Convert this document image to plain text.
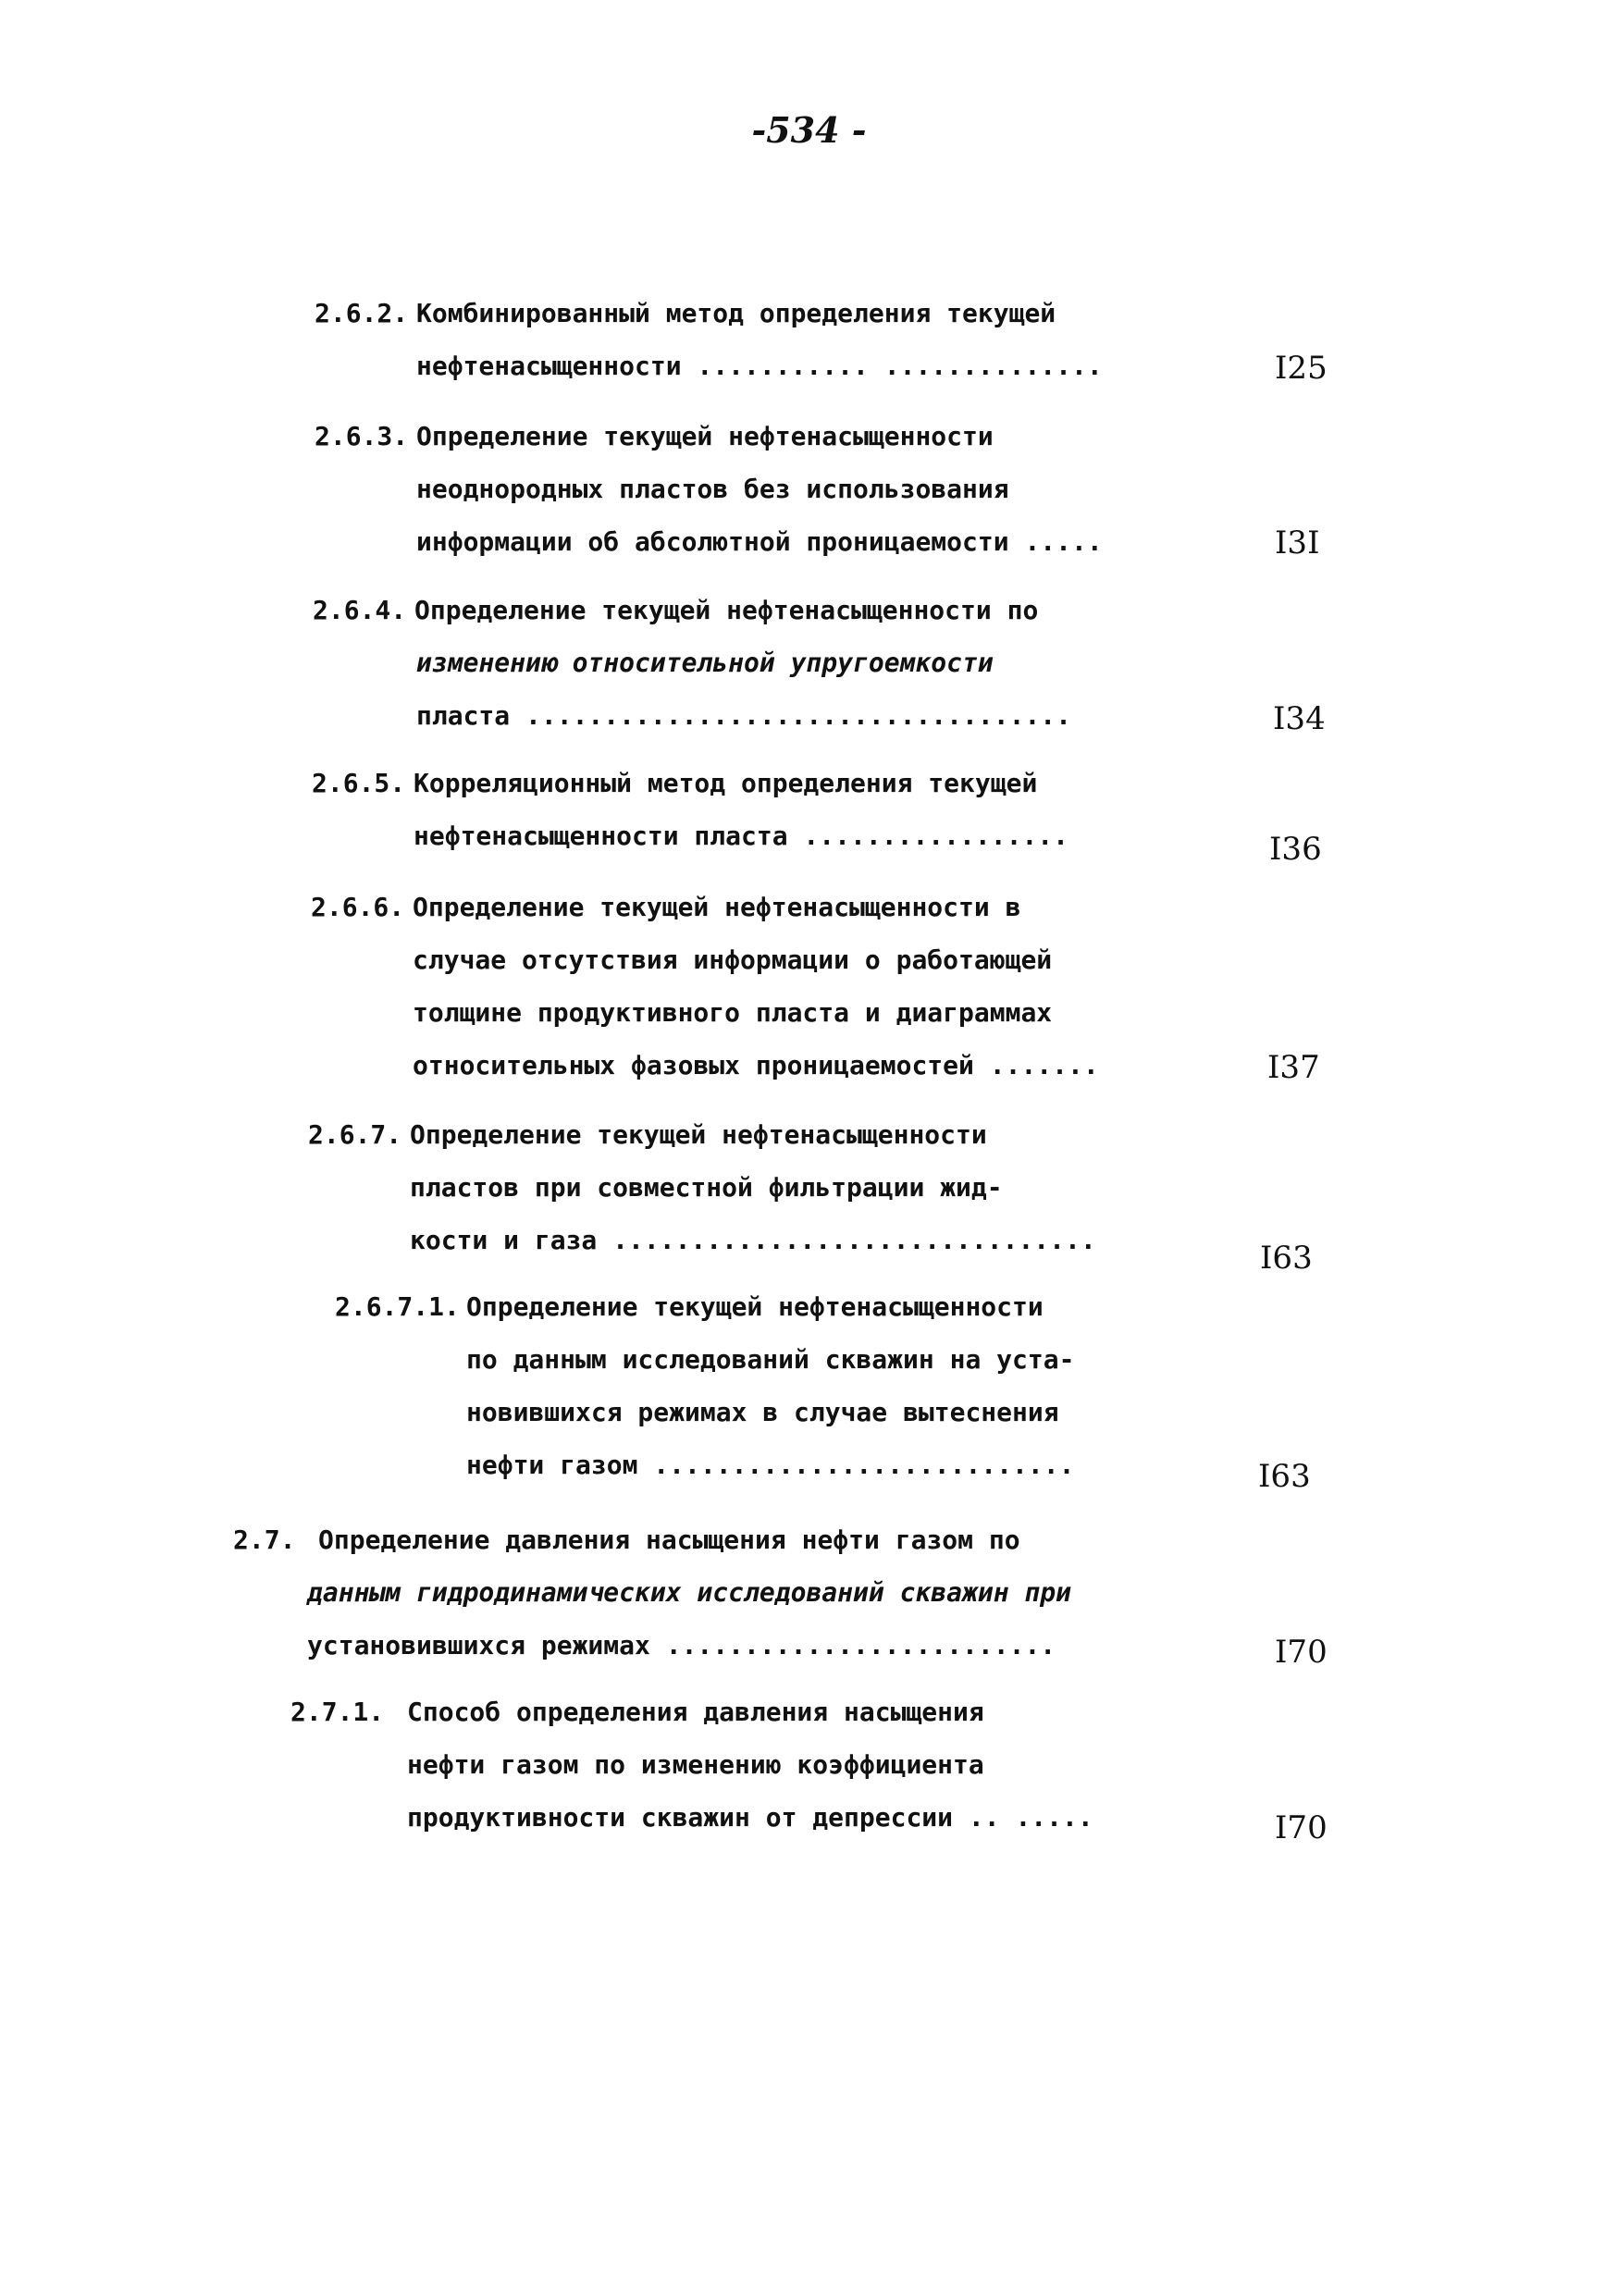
-534 -
2.6.2. Комбинированный метод определения текущей
нефтенасыщенности ........... ..............	I25
2.6.3. Определение текущей нефтенасыщенности
неоднородных пластов без использования
информации об абсолютной проницаемости .....	I3I
2.6.4. Определение текущей нефтенасыщенности по
изменению относительной упругоемкости
пласта ...................................	I34
2.6.5. Корреляционный метод определения текущей
нефтенасыщенности пласта .................	I36
2.6.6. Определение текущей нефтенасыщенности в
случае отсутствия информации о работающей
толщине продуктивного пласта и диаграммах
относительных фазовых проницаемостей .......	I37
2.6.7. Определение текущей нефтенасыщенности
пластов при совместной фильтрации жид-
кости и газа ...............................	I63
2.6.7.1. Определение текущей нефтенасыщенности
по данным исследований скважин на уста-
новившихся режимах в случае вытеснения
нефти газом ...........................	I63
2.7. Определение давления насыщения нефти газом по
данным гидродинамических исследований скважин при
установившихся режимах .........................	I70
2.7.1. Способ определения давления насыщения
нефти газом по изменению коэффициента
продуктивности скважин от депрессии .. .....	I70
